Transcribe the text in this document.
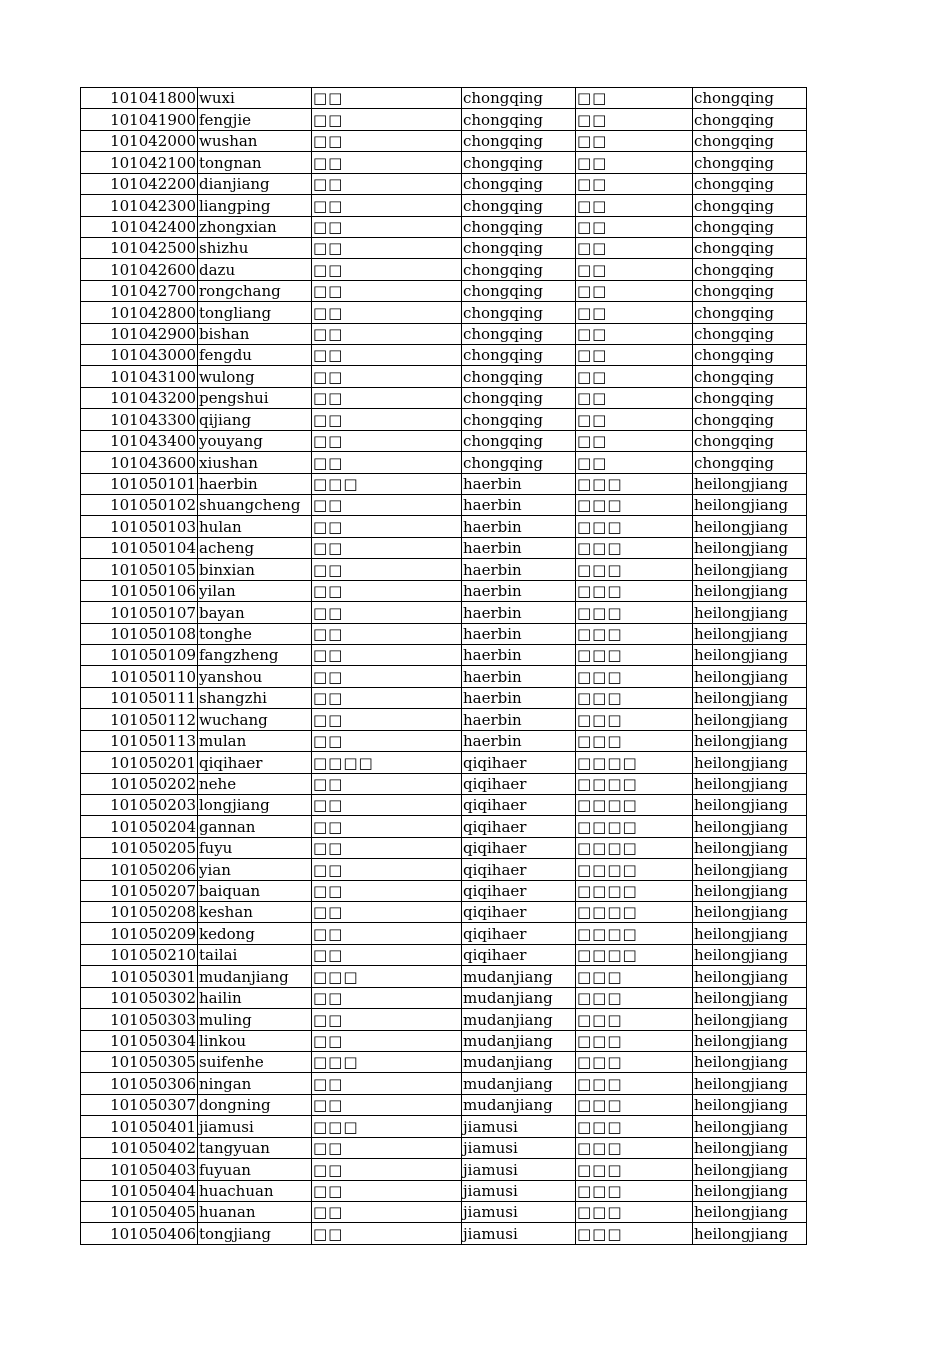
101041800	wuxi	□□	chongqing	□□	chongqing
101041900	fengjie	□□	chongqing	□□	chongqing
101042000	wushan	□□	chongqing	□□	chongqing
101042100	tongnan	□□	chongqing	□□	chongqing
101042200	dianjiang	□□	chongqing	□□	chongqing
101042300	liangping	□□	chongqing	□□	chongqing
101042400	zhongxian	□□	chongqing	□□	chongqing
101042500	shizhu	□□	chongqing	□□	chongqing
101042600	dazu	□□	chongqing	□□	chongqing
101042700	rongchang	□□	chongqing	□□	chongqing
101042800	tongliang	□□	chongqing	□□	chongqing
101042900	bishan	□□	chongqing	□□	chongqing
101043000	fengdu	□□	chongqing	□□	chongqing
101043100	wulong	□□	chongqing	□□	chongqing
101043200	pengshui	□□	chongqing	□□	chongqing
101043300	qijiang	□□	chongqing	□□	chongqing
101043400	youyang	□□	chongqing	□□	chongqing
101043600	xiushan	□□	chongqing	□□	chongqing
101050101	haerbin	□□□	haerbin	□□□	heilongjiang
101050102	shuangcheng	□□	haerbin	□□□	heilongjiang
101050103	hulan	□□	haerbin	□□□	heilongjiang
101050104	acheng	□□	haerbin	□□□	heilongjiang
101050105	binxian	□□	haerbin	□□□	heilongjiang
101050106	yilan	□□	haerbin	□□□	heilongjiang
101050107	bayan	□□	haerbin	□□□	heilongjiang
101050108	tonghe	□□	haerbin	□□□	heilongjiang
101050109	fangzheng	□□	haerbin	□□□	heilongjiang
101050110	yanshou	□□	haerbin	□□□	heilongjiang
101050111	shangzhi	□□	haerbin	□□□	heilongjiang
101050112	wuchang	□□	haerbin	□□□	heilongjiang
101050113	mulan	□□	haerbin	□□□	heilongjiang
101050201	qiqihaer	□□□□	qiqihaer	□□□□	heilongjiang
101050202	nehe	□□	qiqihaer	□□□□	heilongjiang
101050203	longjiang	□□	qiqihaer	□□□□	heilongjiang
101050204	gannan	□□	qiqihaer	□□□□	heilongjiang
101050205	fuyu	□□	qiqihaer	□□□□	heilongjiang
101050206	yian	□□	qiqihaer	□□□□	heilongjiang
101050207	baiquan	□□	qiqihaer	□□□□	heilongjiang
101050208	keshan	□□	qiqihaer	□□□□	heilongjiang
101050209	kedong	□□	qiqihaer	□□□□	heilongjiang
101050210	tailai	□□	qiqihaer	□□□□	heilongjiang
101050301	mudanjiang	□□□	mudanjiang	□□□	heilongjiang
101050302	hailin	□□	mudanjiang	□□□	heilongjiang
101050303	muling	□□	mudanjiang	□□□	heilongjiang
101050304	linkou	□□	mudanjiang	□□□	heilongjiang
101050305	suifenhe	□□□	mudanjiang	□□□	heilongjiang
101050306	ningan	□□	mudanjiang	□□□	heilongjiang
101050307	dongning	□□	mudanjiang	□□□	heilongjiang
101050401	jiamusi	□□□	jiamusi	□□□	heilongjiang
101050402	tangyuan	□□	jiamusi	□□□	heilongjiang
101050403	fuyuan	□□	jiamusi	□□□	heilongjiang
101050404	huachuan	□□	jiamusi	□□□	heilongjiang
101050405	huanan	□□	jiamusi	□□□	heilongjiang
101050406	tongjiang	□□	jiamusi	□□□	heilongjiang
